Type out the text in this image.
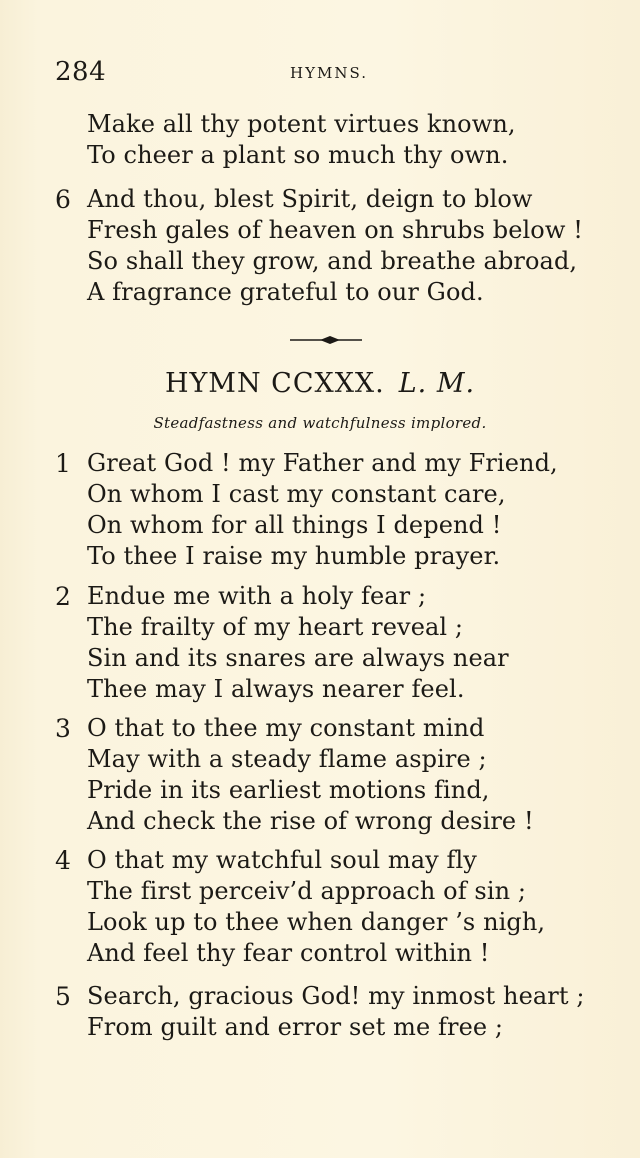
284	HYMNS.
Make all thy potent virtues known,
To cheer a plant so much thy own.
6 And thou, blest Spirit, deign to blow
Fresh gales of heaven on shrubs below !
So shall they grow, and breathe abroad,
A fragrance grateful to our God.
HYMN CCXXX. L. M.
Steadfastness and watchfulness implored.
1 Great God ! my Father and my Friend,
On whom I cast my constant care,
On whom for all things I depend !
To thee I raise my humble prayer.
2 Endue me with a holy fear ;
The frailty of my heart reveal ;
Sin and its snares are always near
Thee may I always nearer feel.
3 O that to thee my constant mind
May with a steady flame aspire ;
Pride in its earliest motions find,
And check the rise of wrong desire !
4 O that my watchful soul may fly
The first perceiv’d approach of sin ;
Look up to thee when danger ’s nigh,
And feel thy fear control within !
5 Search, gracious God! my inmost heart ;
From guilt and error set me free ;
